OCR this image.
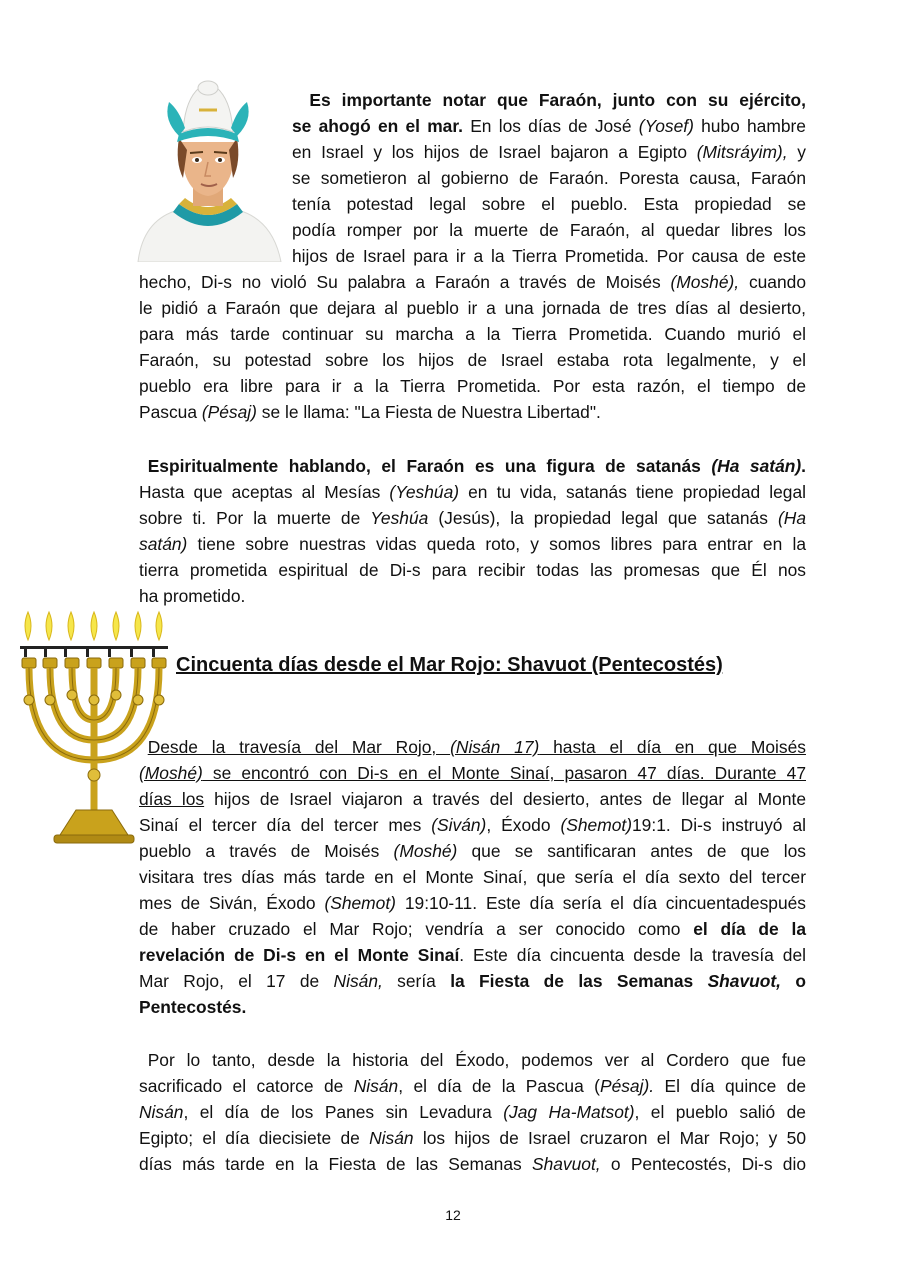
 Es importante notar que Faraón, junto con su ejército,
se ahogó en el mar. En los días de José (Yosef) hubo hambre
en Israel y los hijos de Israel bajaron a Egipto (Mitsráyim), y
se sometieron al gobierno de Faraón. Poresta causa, Faraón
tenía potestad legal sobre el pueblo. Esta propiedad se
podía romper por la muerte de Faraón, al quedar libres los
hijos de Israel para ir a la Tierra Prometida. Por causa de este
hecho, Di-s no violó Su palabra a Faraón a través de Moisés (Moshé), cuando
le pidió a Faraón que dejara al pueblo ir a una jornada de tres días al desierto,
para más tarde continuar su marcha a la Tierra Prometida. Cuando murió el
Faraón, su potestad sobre los hijos de Israel estaba rota legalmente, y el
pueblo era libre para ir a la Tierra Prometida. Por esta razón, el tiempo de
Pascua (Pésaj) se le llama: "La Fiesta de Nuestra Libertad".
 Espiritualmente hablando, el Faraón es una figura de satanás (Ha satán).
Hasta que aceptas al Mesías (Yeshúa) en tu vida, satanás tiene propiedad legal
sobre ti. Por la muerte de Yeshúa (Jesús), la propiedad legal que satanás (Ha
satán) tiene sobre nuestras vidas queda roto, y somos libres para entrar en la
tierra prometida espiritual de Di-s para recibir todas las promesas que Él nos
ha prometido.
Cincuenta días desde el Mar Rojo: Shavuot (Pentecostés)
 Desde la travesía del Mar Rojo, (Nisán 17) hasta el día en que Moisés
(Moshé) se encontró con Di-s en el Monte Sinaí, pasaron 47 días. Durante 47
días los hijos de Israel viajaron a través del desierto, antes de llegar al Monte
Sinaí el tercer día del tercer mes (Siván), Éxodo (Shemot)19:1. Di-s instruyó al
pueblo a través de Moisés (Moshé) que se santificaran antes de que los
visitara tres días más tarde en el Monte Sinaí, que sería el día sexto del tercer
mes de Siván, Éxodo (Shemot) 19:10-11. Este día sería el día cincuentadespués
de haber cruzado el Mar Rojo; vendría a ser conocido como el día de la
revelación de Di-s en el Monte Sinaí. Este día cincuenta desde la travesía del
Mar Rojo, el 17 de Nisán, sería la Fiesta de las Semanas Shavuot, o
Pentecostés.
 Por lo tanto, desde la historia del Éxodo, podemos ver al Cordero que fue
sacrificado el catorce de Nisán, el día de la Pascua (Pésaj). El día quince de
Nisán, el día de los Panes sin Levadura (Jag Ha-Matsot), el pueblo salió de
Egipto; el día diecisiete de Nisán los hijos de Israel cruzaron el Mar Rojo; y 50
días más tarde en la Fiesta de las Semanas Shavuot, o Pentecostés, Di-s dio
12
